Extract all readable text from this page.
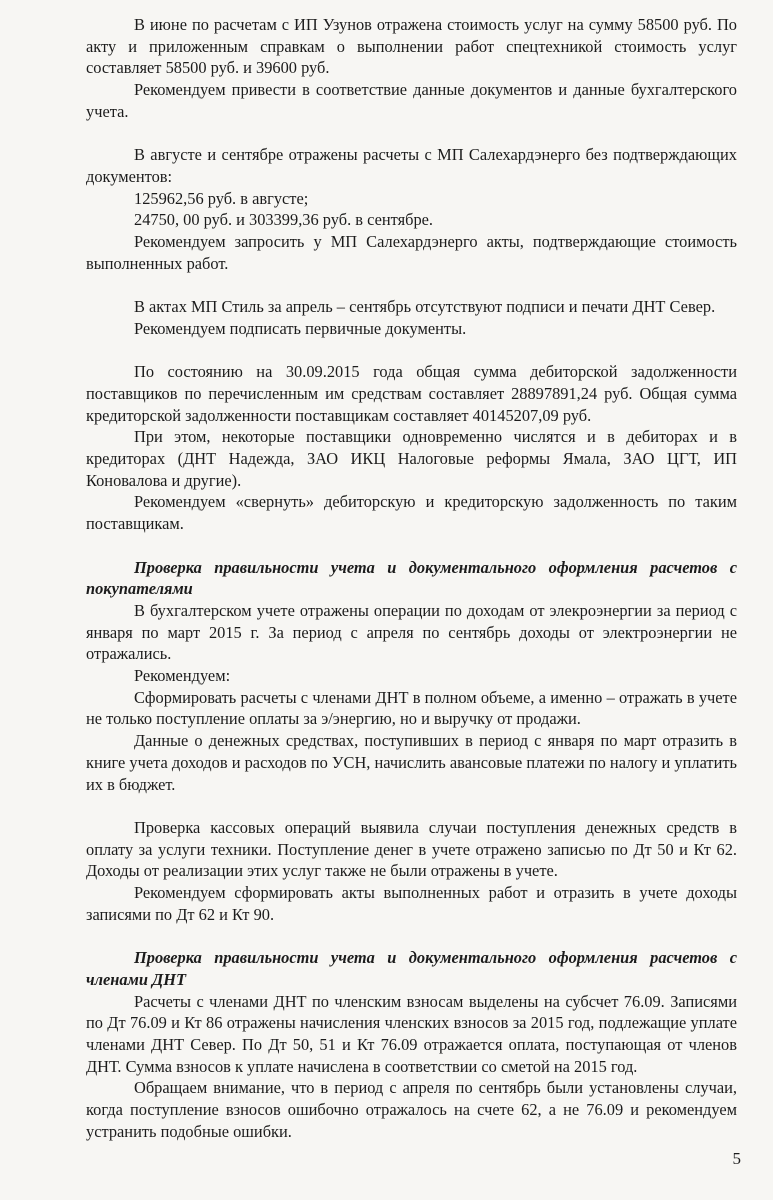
В июне по расчетам с ИП Узунов отражена стоимость услуг на сумму 58500 руб. По акту и приложенным справкам о выполнении работ спецтехникой стоимость услуг составляет 58500 руб. и 39600 руб.

Рекомендуем привести в соответствие данные документов и данные бухгалтерского учета.

В августе и сентябре отражены расчеты с МП Салехардэнерго без подтверждающих документов:

125962,56 руб. в августе;

24750, 00 руб. и 303399,36 руб. в сентябре.

Рекомендуем запросить у МП Салехардэнерго акты, подтверждающие стоимость выполненных работ.

В актах МП Стиль за апрель – сентябрь отсутствуют подписи и печати ДНТ Север.

Рекомендуем подписать первичные документы.

По состоянию на 30.09.2015 года общая сумма дебиторской задолженности поставщиков по перечисленным им средствам составляет 28897891,24 руб. Общая сумма кредиторской задолженности поставщикам составляет 40145207,09 руб.

При этом, некоторые поставщики одновременно числятся и в дебиторах и в кредиторах (ДНТ Надежда, ЗАО ИКЦ Налоговые реформы Ямала, ЗАО ЦГТ, ИП Коновалова и другие).

Рекомендуем «свернуть» дебиторскую и кредиторскую задолженность по таким поставщикам.

Проверка правильности учета и документального оформления расчетов с покупателями

В бухгалтерском учете отражены операции по доходам от элекроэнергии за период с января по март 2015 г. За период с апреля по сентябрь доходы от электроэнергии не отражались.

Рекомендуем:

Сформировать расчеты с членами ДНТ в полном объеме, а именно – отражать в учете не только поступление оплаты за э/энергию, но и выручку от продажи.

Данные о денежных средствах, поступивших в период с января по март отразить в книге учета доходов и расходов по УСН, начислить авансовые платежи по налогу и уплатить их в бюджет.

Проверка кассовых операций выявила случаи поступления денежных средств в оплату за услуги техники. Поступление денег в учете отражено записью по Дт 50 и Кт 62. Доходы от реализации этих услуг также не были отражены в учете.

Рекомендуем сформировать акты выполненных работ и отразить в учете доходы записями по Дт 62 и Кт 90.

Проверка правильности учета и документального оформления расчетов с членами ДНТ

Расчеты с членами ДНТ по членским взносам выделены на субсчет 76.09. Записями по Дт 76.09 и Кт 86 отражены начисления членских взносов за 2015 год, подлежащие уплате членами ДНТ Север. По Дт 50, 51 и Кт 76.09 отражается оплата, поступающая от членов ДНТ. Сумма взносов к уплате начислена в соответствии со сметой на 2015 год.

Обращаем внимание, что в период с апреля по сентябрь были установлены случаи, когда поступление взносов ошибочно отражалось на счете 62, а не 76.09 и рекомендуем устранить подобные ошибки.

5
